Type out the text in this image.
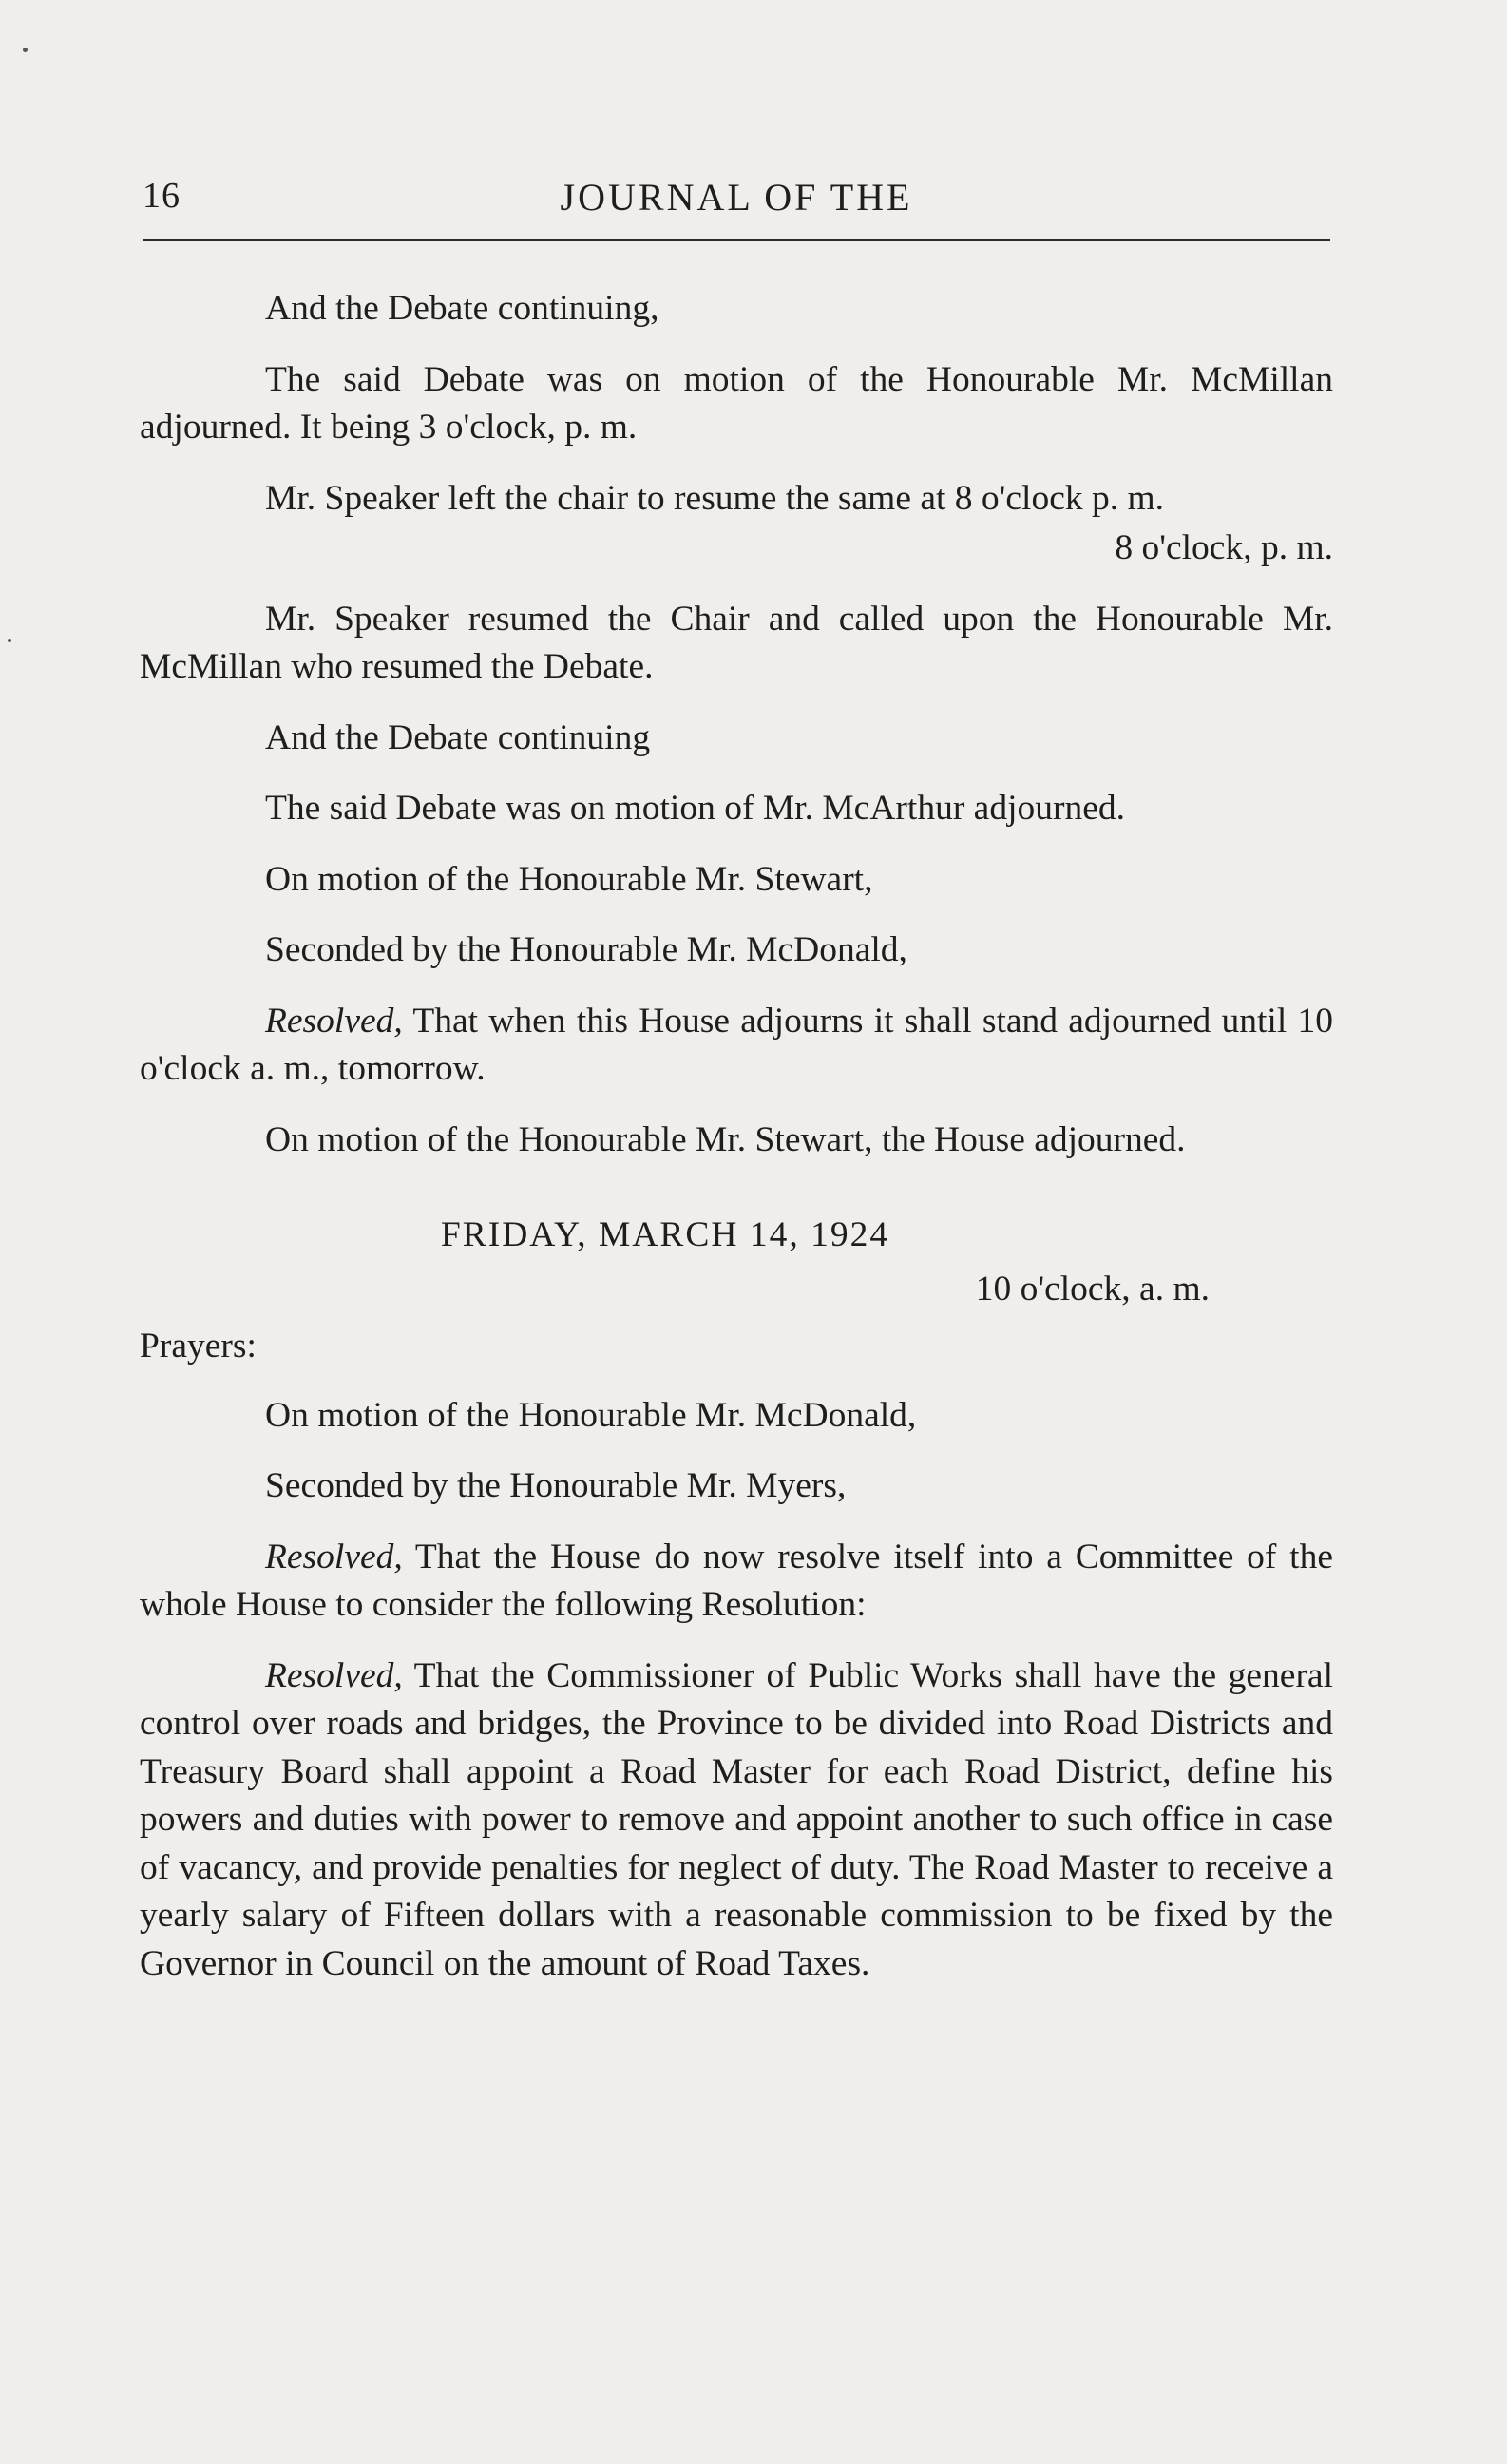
16	JOURNAL OF THE

And the Debate continuing,

The said Debate was on motion of the Honourable Mr. McMillan adjourned. It being 3 o'clock, p. m.

Mr. Speaker left the chair to resume the same at 8 o'clock p. m.

8 o'clock, p. m.

Mr. Speaker resumed the Chair and called upon the Honourable Mr. McMillan who resumed the Debate.

And the Debate continuing

The said Debate was on motion of Mr. McArthur adjourned.

On motion of the Honourable Mr. Stewart,

Seconded by the Honourable Mr. McDonald,

Resolved, That when this House adjourns it shall stand adjourned until 10 o'clock a. m., tomorrow.

On motion of the Honourable Mr. Stewart, the House adjourned.

FRIDAY, MARCH 14, 1924

10 o'clock, a. m.

Prayers:

On motion of the Honourable Mr. McDonald,

Seconded by the Honourable Mr. Myers,

Resolved, That the House do now resolve itself into a Committee of the whole House to consider the following Resolution:

Resolved, That the Commissioner of Public Works shall have the general control over roads and bridges, the Province to be divided into Road Districts and Treasury Board shall appoint a Road Master for each Road District, define his powers and duties with power to remove and appoint another to such office in case of vacancy, and provide penalties for neglect of duty. The Road Master to receive a yearly salary of Fifteen dollars with a reasonable commission to be fixed by the Governor in Council on the amount of Road Taxes.
